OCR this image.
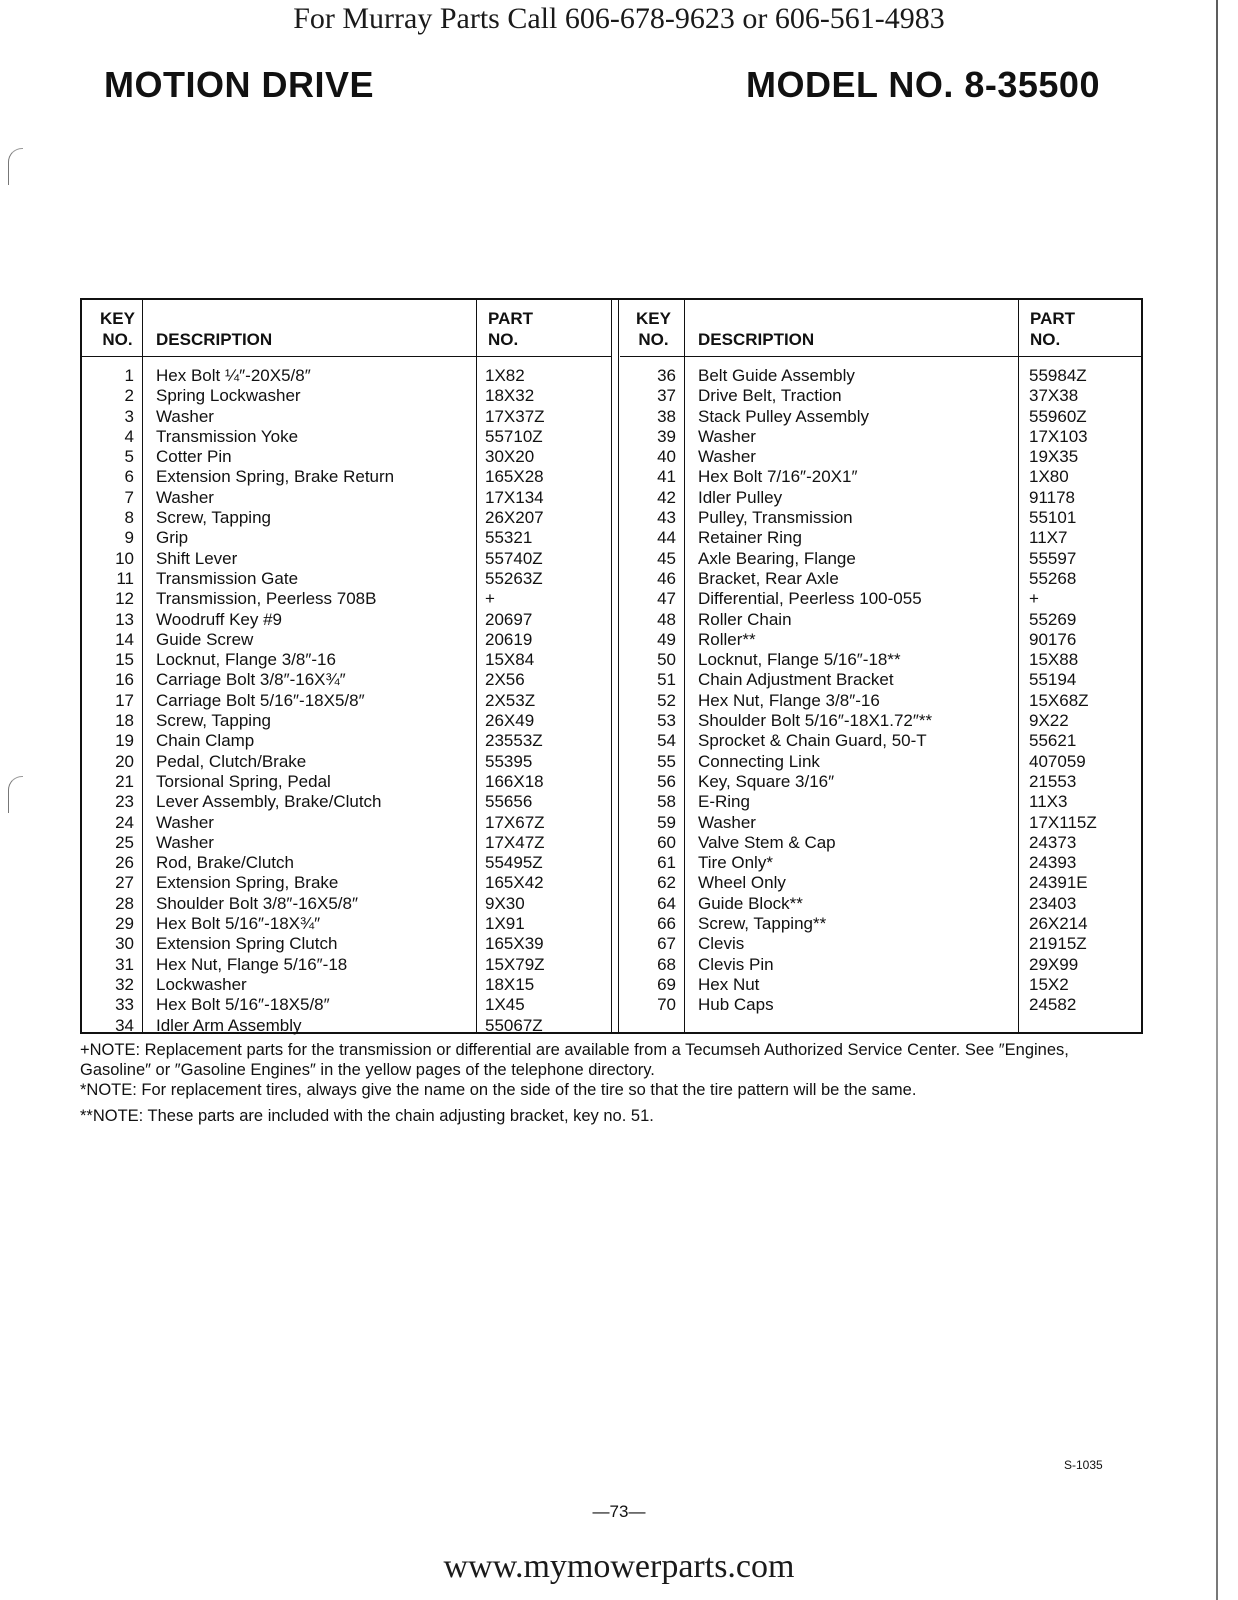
For Murray Parts Call 606-678-9623 or 606-561-4983
MOTION DRIVE	MODEL NO. 8-35500
KEY
NO. DESCRIPTION
PART
NO.
1 Hex Bolt ¼″-20X5/8″	1X82
2 Spring Lockwasher	18X32
3 Washer	17X37Z
4 Transmission Yoke	55710Z
5 Cotter Pin	30X20
6 Extension Spring, Brake Return	165X28
7 Washer	17X134
8 Screw, Tapping	26X207
9 Grip	55321
10 Shift Lever	55740Z
11 Transmission Gate	55263Z
12 Transmission, Peerless 708B	+
13 Woodruff Key #9	20697
14 Guide Screw	20619
15 Locknut, Flange 3/8″-16	15X84
16 Carriage Bolt 3/8″-16X¾″	2X56
17 Carriage Bolt 5/16″-18X5/8″	2X53Z
18 Screw, Tapping	26X49
19 Chain Clamp	23553Z
20 Pedal, Clutch/Brake	55395
21 Torsional Spring, Pedal	166X18
23 Lever Assembly, Brake/Clutch	55656
24 Washer	17X67Z
25 Washer	17X47Z
26 Rod, Brake/Clutch	55495Z
27 Extension Spring, Brake	165X42
28 Shoulder Bolt 3/8″-16X5/8″	9X30
29 Hex Bolt 5/16″-18X¾″	1X91
30 Extension Spring Clutch	165X39
31 Hex Nut, Flange 5/16″-18	15X79Z
32 Lockwasher	18X15
33 Hex Bolt 5/16″-18X5/8″	1X45
34 Idler Arm Assembly	55067Z
KEY
NO. DESCRIPTION
PART
NO.
36 Belt Guide Assembly	55984Z
37 Drive Belt, Traction	37X38
38 Stack Pulley Assembly	55960Z
39 Washer	17X103
40 Washer	19X35
41 Hex Bolt 7/16″-20X1″	1X80
42 Idler Pulley	91178
43 Pulley, Transmission	55101
44 Retainer Ring	11X7
45 Axle Bearing, Flange	55597
46 Bracket, Rear Axle	55268
47 Differential, Peerless 100-055	+
48 Roller Chain	55269
49 Roller**	90176
50 Locknut, Flange 5/16″-18**	15X88
51 Chain Adjustment Bracket	55194
52 Hex Nut, Flange 3/8″-16	15X68Z
53 Shoulder Bolt 5/16″-18X1.72″**	9X22
54 Sprocket & Chain Guard, 50-T	55621
55 Connecting Link	407059
56 Key, Square 3/16″	21553
58 E-Ring	11X3
59 Washer	17X115Z
60 Valve Stem & Cap	24373
61 Tire Only*	24393
62 Wheel Only	24391E
64 Guide Block**	23403
66 Screw, Tapping**	26X214
67 Clevis	21915Z
68 Clevis Pin	29X99
69 Hex Nut	15X2
70 Hub Caps	24582

+NOTE: Replacement parts for the transmission or differential are available from a Tecumseh Authorized Service Center. See ″Engines, Gasoline″ or ″Gasoline Engines″ in the yellow pages of the telephone directory.

*NOTE: For replacement tires, always give the name on the side of the tire so that the tire pattern will be the same.

**NOTE: These parts are included with the chain adjusting bracket, key no. 51.

S-1035
—73—
www.mymowerparts.com
